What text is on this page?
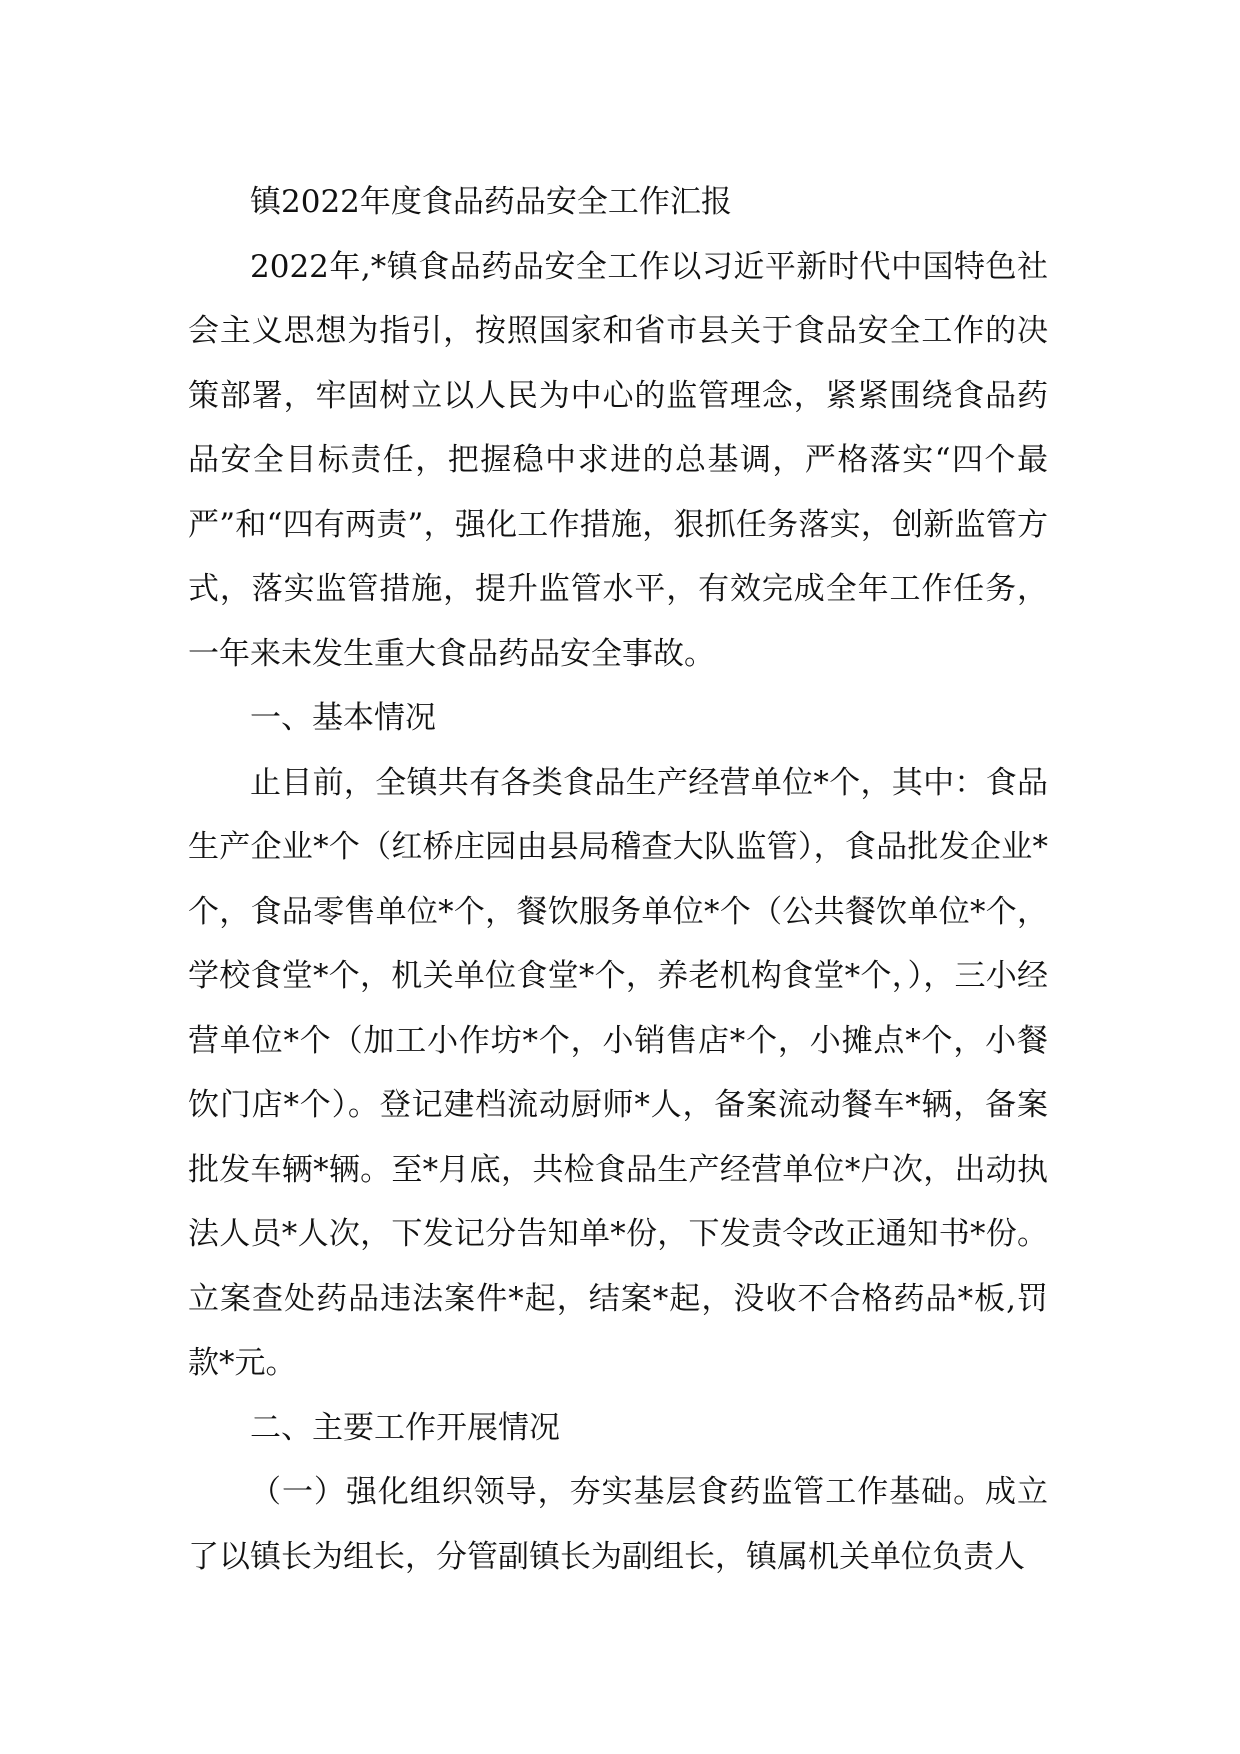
镇2022年度食品药品安全工作汇报

2022年,*镇食品药品安全工作以习近平新时代中国特色社会主义思想为指引，按照国家和省市县关于食品安全工作的决策部署，牢固树立以人民为中心的监管理念，紧紧围绕食品药品安全目标责任，把握稳中求进的总基调，严格落实“四个最严”和“四有两责”，强化工作措施，狠抓任务落实，创新监管方式，落实监管措施，提升监管水平，有效完成全年工作任务，一年来未发生重大食品药品安全事故。

一、基本情况

止目前，全镇共有各类食品生产经营单位*个，其中：食品生产企业*个（红桥庄园由县局稽查大队监管），食品批发企业*个，食品零售单位*个，餐饮服务单位*个（公共餐饮单位*个，学校食堂*个，机关单位食堂*个，养老机构食堂*个，），三小经营单位*个（加工小作坊*个，小销售店*个，小摊点*个，小餐饮门店*个）。登记建档流动厨师*人，备案流动餐车*辆，备案批发车辆*辆。至*月底，共检食品生产经营单位*户次，出动执法人员*人次，下发记分告知单*份，下发责令改正通知书*份。立案查处药品违法案件*起，结案*起，没收不合格药品*板,罚款*元。

二、主要工作开展情况

（一）强化组织领导，夯实基层食药监管工作基础。成立了以镇长为组长，分管副镇长为副组长，镇属机关单位负责人
